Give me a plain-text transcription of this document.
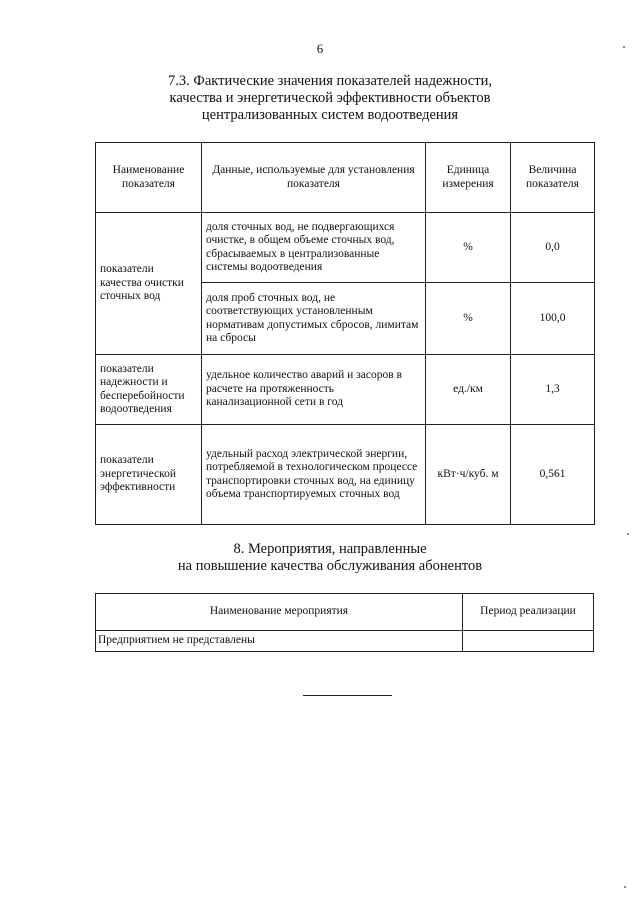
6
7.3. Фактические значения показателей надежности,
качества и энергетической эффективности объектов
централизованных систем водоотведения
Наименование показателя	Данные, используемые для установления показателя	Единица измерения	Величина показателя
показатели качества очистки сточных вод	доля сточных вод, не подвергающихся очистке, в общем объеме сточных вод, сбрасываемых в централизованные системы водоотведения	%	0,0
	доля проб сточных вод, не соответствующих установленным нормативам допустимых сбросов, лимитам на сбросы	%	100,0
показатели надежности и бесперебойности водоотведения	удельное количество аварий и засоров в расчете на протяженность канализационной сети в год	ед./км	1,3
показатели энергетической эффективности	удельный расход электрической энергии, потребляемой в технологическом процессе транспортировки сточных вод, на единицу объема транспортируемых сточных вод	кВт·ч/куб. м	0,561
8. Мероприятия, направленные
на повышение качества обслуживания абонентов
Наименование мероприятия	Период реализации
Предприятием не представлены	
